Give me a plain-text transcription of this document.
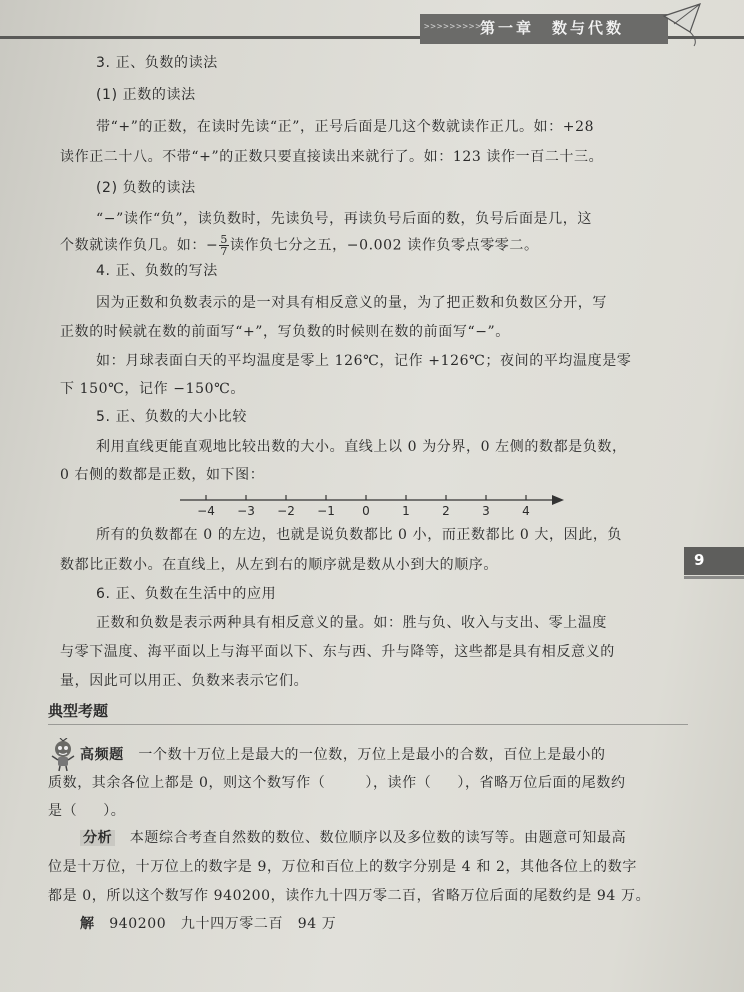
>>>>>>>>>
第一章　数与代数
9
3. 正、负数的读法
(1) 正数的读法
带“+”的正数，在读时先读“正”，正号后面是几这个数就读作正几。如：+28
读作正二十八。不带“+”的正数只要直接读出来就行了。如：123 读作一百二十三。
(2) 负数的读法
“−”读作“负”，读负数时，先读负号，再读负号后面的数，负号后面是几，这
个数就读作负几。如：− $\frac{5}{7}$ 读作负七分之五，−0.002 读作负零点零零二。
4. 正、负数的写法
因为正数和负数表示的是一对具有相反意义的量，为了把正数和负数区分开，写
正数的时候就在数的前面写“+”，写负数的时候则在数的前面写“−”。
如：月球表面白天的平均温度是零上 126℃，记作 +126℃；夜间的平均温度是零
下 150℃，记作 −150℃。
5. 正、负数的大小比较
利用直线更能直观地比较出数的大小。直线上以 0 为分界，0 左侧的数都是负数，
0 右侧的数都是正数，如下图：
−4 −3 −2 −1 0	1	2	3	4
所有的负数都在 0 的左边，也就是说负数都比 0 小，而正数都比 0 大，因此，负
数都比正数小。在直线上，从左到右的顺序就是数从小到大的顺序。
6. 正、负数在生活中的应用
正数和负数是表示两种具有相反意义的量。如：胜与负、收入与支出、零上温度
与零下温度、海平面以上与海平面以下、东与西、升与降等，这些都是具有相反意义的
量，因此可以用正、负数来表示它们。
典型考题
高频题　 一个数十万位上是最大的一位数，万位上是最小的合数，百位上是最小的
质数，其余各位上都是 0，则这个数写作（	），读作（ ），省略万位后面的尾数约
是（ ）。
分析　 本题综合考查自然数的数位、数位顺序以及多位数的读写等。由题意可知最高
位是十万位，十万位上的数字是 9，万位和百位上的数字分别是 4 和 2，其他各位上的数字
都是 0，所以这个数写作 940200，读作九十四万零二百，省略万位后面的尾数约是 94 万。
解　 940200　 九十四万零二百　 94 万
